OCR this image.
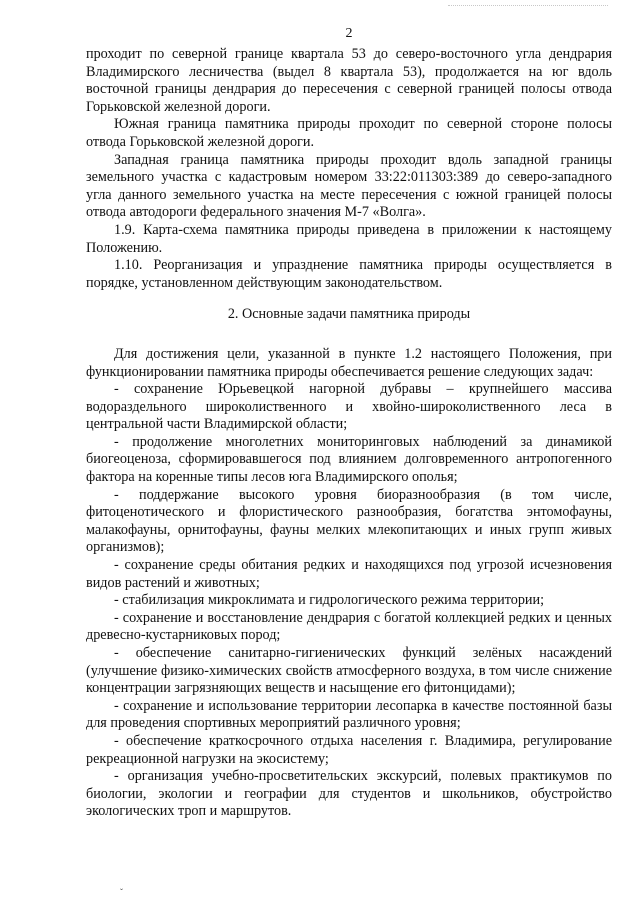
2

проходит по северной границе квартала 53 до северо-восточного угла дендрария Владимирского лесничества (выдел 8 квартала 53), продолжается на юг вдоль восточной границы дендрария до пересечения с северной границей полосы отвода Горьковской железной дороги.

Южная граница памятника природы проходит по северной стороне полосы отвода Горьковской железной дороги.

Западная граница памятника природы проходит вдоль западной границы земельного участка с кадастровым номером 33:22:011303:389 до северо-западного угла данного земельного участка на месте пересечения с южной границей полосы отвода автодороги федерального значения М-7 «Волга».

1.9. Карта-схема памятника природы приведена в приложении к настоящему Положению.

1.10. Реорганизация и упразднение памятника природы осуществляется в порядке, установленном действующим законодательством.

2. Основные задачи памятника природы

Для достижения цели, указанной в пункте 1.2 настоящего Положения, при функционировании памятника природы обеспечивается решение следующих задач:

- сохранение Юрьевецкой нагорной дубравы – крупнейшего массива водораздельного широколиственного и хвойно-широколиственного леса в центральной части Владимирской области;

- продолжение многолетних мониторинговых наблюдений за динамикой биогеоценоза, сформировавшегося под влиянием долговременного антропогенного фактора на коренные типы лесов юга Владимирского ополья;

- поддержание высокого уровня биоразнообразия (в том числе, фитоценотического и флористического разнообразия, богатства энтомофауны, малакофауны, орнитофауны, фауны мелких млекопитающих и иных групп живых организмов);

- сохранение среды обитания редких и находящихся под угрозой исчезновения видов растений и животных;

- стабилизация микроклимата и гидрологического режима территории;

- сохранение и восстановление дендрария с богатой коллекцией редких и ценных древесно-кустарниковых пород;

- обеспечение санитарно-гигиенических функций зелёных насаждений (улучшение физико-химических свойств атмосферного воздуха, в том числе снижение концентрации загрязняющих веществ и насыщение его фитонцидами);

- сохранение и использование территории лесопарка в качестве постоянной базы для проведения спортивных мероприятий различного уровня;

- обеспечение краткосрочного отдыха населения г. Владимира, регулирование рекреационной нагрузки на экосистему;

- организация учебно-просветительских экскурсий, полевых практикумов по биологии, экологии и географии для студентов и школьников, обустройство экологических троп и маршрутов.

ˇ
